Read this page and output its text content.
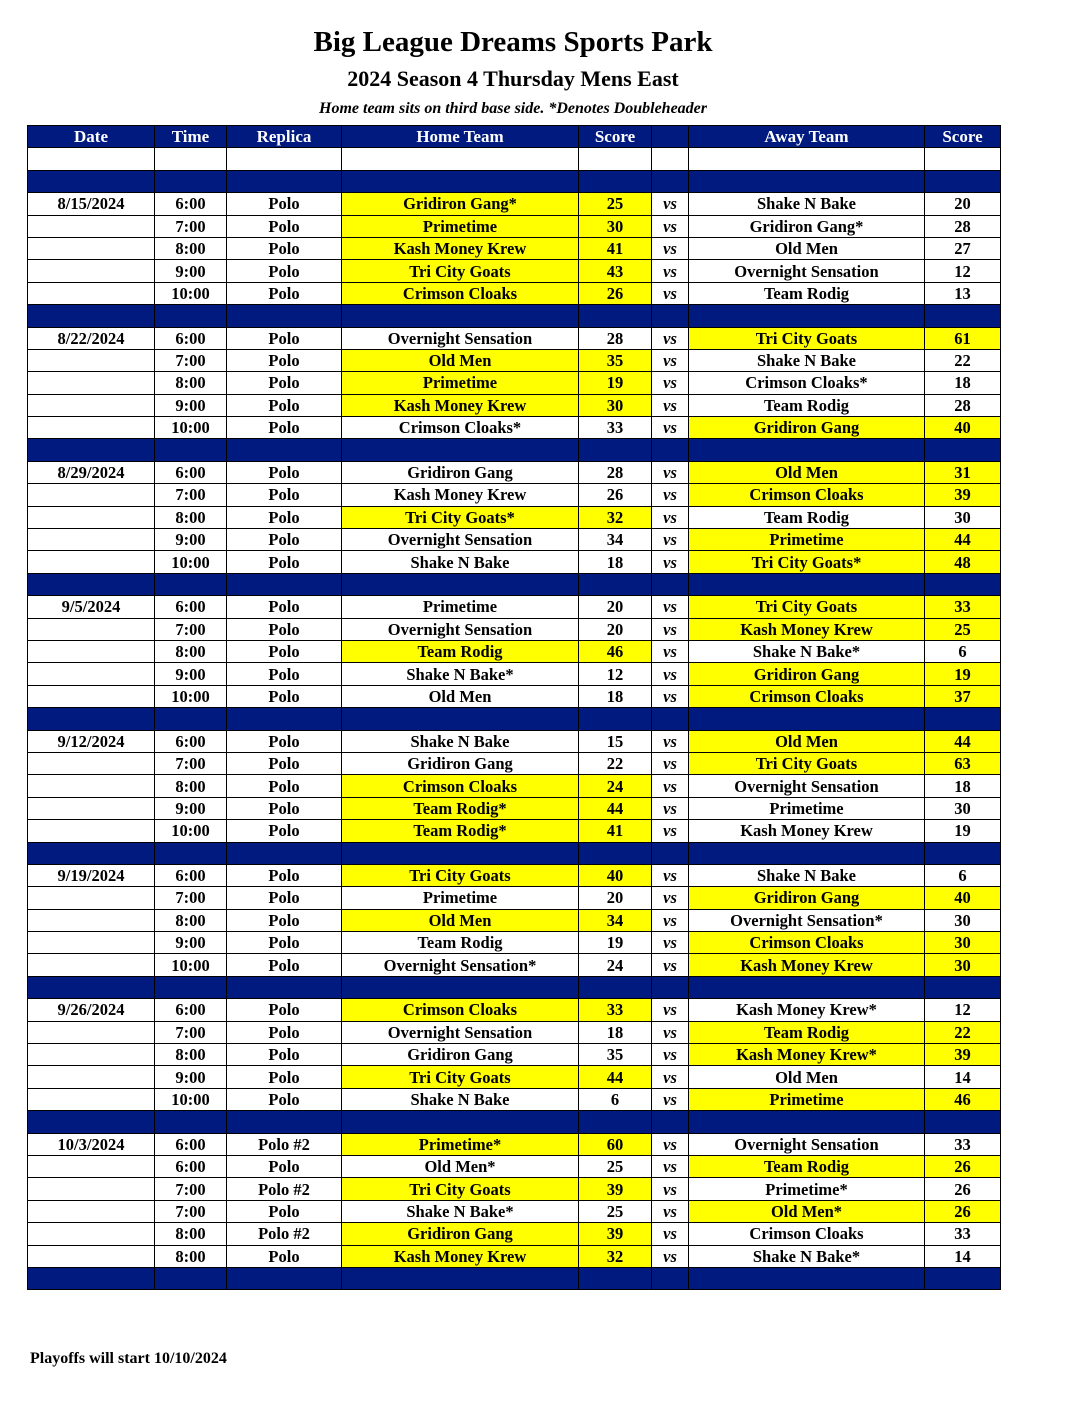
Big League Dreams Sports Park
2024 Season 4 Thursday Mens East
Home team sits on third base side. *Denotes Doubleheader
Date	Time	Replica	Home Team	Score		Away Team	Score

8/15/2024	6:00	Polo	Gridiron Gang*	25	vs	Shake N Bake	20
	7:00	Polo	Primetime	30	vs	Gridiron Gang*	28
	8:00	Polo	Kash Money Krew	41	vs	Old Men	27
	9:00	Polo	Tri City Goats	43	vs	Overnight Sensation	12
	10:00	Polo	Crimson Cloaks	26	vs	Team Rodig	13

8/22/2024	6:00	Polo	Overnight Sensation	28	vs	Tri City Goats	61
	7:00	Polo	Old Men	35	vs	Shake N Bake	22
	8:00	Polo	Primetime	19	vs	Crimson Cloaks*	18
	9:00	Polo	Kash Money Krew	30	vs	Team Rodig	28
	10:00	Polo	Crimson Cloaks*	33	vs	Gridiron Gang	40

8/29/2024	6:00	Polo	Gridiron Gang	28	vs	Old Men	31
	7:00	Polo	Kash Money Krew	26	vs	Crimson Cloaks	39
	8:00	Polo	Tri City Goats*	32	vs	Team Rodig	30
	9:00	Polo	Overnight Sensation	34	vs	Primetime	44
	10:00	Polo	Shake N Bake	18	vs	Tri City Goats*	48

9/5/2024	6:00	Polo	Primetime	20	vs	Tri City Goats	33
	7:00	Polo	Overnight Sensation	20	vs	Kash Money Krew	25
	8:00	Polo	Team Rodig	46	vs	Shake N Bake*	6
	9:00	Polo	Shake N Bake*	12	vs	Gridiron Gang	19
	10:00	Polo	Old Men	18	vs	Crimson Cloaks	37

9/12/2024	6:00	Polo	Shake N Bake	15	vs	Old Men	44
	7:00	Polo	Gridiron Gang	22	vs	Tri City Goats	63
	8:00	Polo	Crimson Cloaks	24	vs	Overnight Sensation	18
	9:00	Polo	Team Rodig*	44	vs	Primetime	30
	10:00	Polo	Team Rodig*	41	vs	Kash Money Krew	19

9/19/2024	6:00	Polo	Tri City Goats	40	vs	Shake N Bake	6
	7:00	Polo	Primetime	20	vs	Gridiron Gang	40
	8:00	Polo	Old Men	34	vs	Overnight Sensation*	30
	9:00	Polo	Team Rodig	19	vs	Crimson Cloaks	30
	10:00	Polo	Overnight Sensation*	24	vs	Kash Money Krew	30

9/26/2024	6:00	Polo	Crimson Cloaks	33	vs	Kash Money Krew*	12
	7:00	Polo	Overnight Sensation	18	vs	Team Rodig	22
	8:00	Polo	Gridiron Gang	35	vs	Kash Money Krew*	39
	9:00	Polo	Tri City Goats	44	vs	Old Men	14
	10:00	Polo	Shake N Bake	6	vs	Primetime	46

10/3/2024	6:00	Polo #2	Primetime*	60	vs	Overnight Sensation	33
	6:00	Polo	Old Men*	25	vs	Team Rodig	26
	7:00	Polo #2	Tri City Goats	39	vs	Primetime*	26
	7:00	Polo	Shake N Bake*	25	vs	Old Men*	26
	8:00	Polo #2	Gridiron Gang	39	vs	Crimson Cloaks	33
	8:00	Polo	Kash Money Krew	32	vs	Shake N Bake*	14

Playoffs will start 10/10/2024
